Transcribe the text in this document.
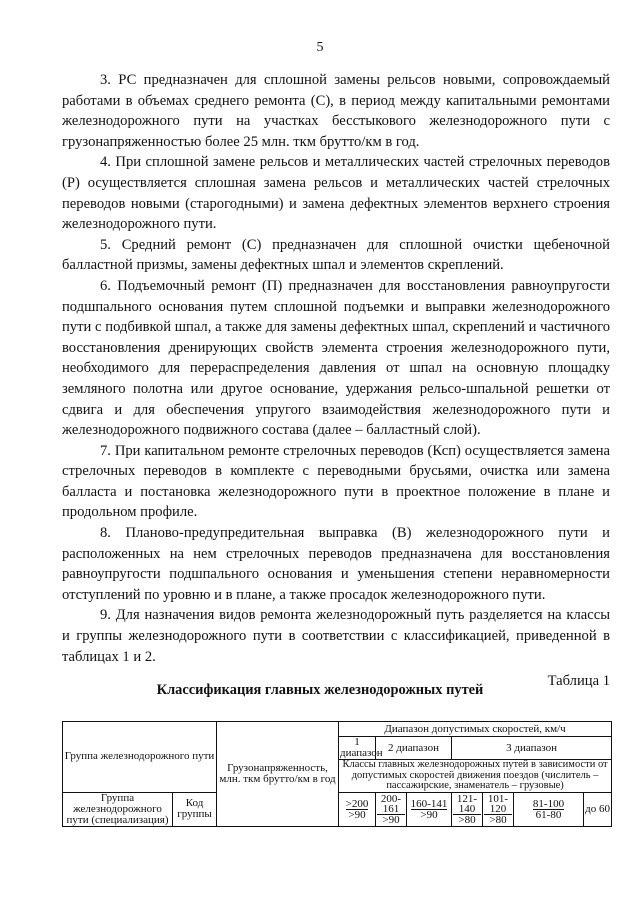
5

3. РС предназначен для сплошной замены рельсов новыми, сопровождаемый работами в объемах среднего ремонта (С), в период между капитальными ремонтами железнодорожного пути на участках бесстыкового железнодорожного пути с грузонапряженностью более 25 млн. ткм брутто/км в год.

4. При сплошной замене рельсов и металлических частей стрелочных переводов (Р) осуществляется сплошная замена рельсов и металлических частей стрелочных переводов новыми (старогодными) и замена дефектных элементов верхнего строения железнодорожного пути.

5. Средний ремонт (С) предназначен для сплошной очистки щебеночной балластной призмы, замены дефектных шпал и элементов скреплений.

6. Подъемочный ремонт (П) предназначен для восстановления равноупругости подшпального основания путем сплошной подъемки и выправки железнодорожного пути с подбивкой шпал, а также для замены дефектных шпал, скреплений и частичного восстановления дренирующих свойств элемента строения железнодорожного пути, необходимого для перераспределения давления от шпал на основную площадку земляного полотна или другое основание, удержания рельсо-шпальной решетки от сдвига и для обеспечения упругого взаимодействия железнодорожного пути и железнодорожного подвижного состава (далее – балластный слой).

7. При капитальном ремонте стрелочных переводов (Ксп) осуществляется замена стрелочных переводов в комплекте с переводными брусьями, очистка или замена балласта и постановка железнодорожного пути в проектное положение в плане и продольном профиле.

8. Планово-предупредительная выправка (В) железнодорожного пути и расположенных на нем стрелочных переводов предназначена для восстановления равноупругости подшпального основания и уменьшения степени неравномерности отступлений по уровню и в плане, а также просадок железнодорожного пути.

9. Для назначения видов ремонта железнодорожный путь разделяется на классы и группы железнодорожного пути в соответствии с классификацией, приведенной в таблицах 1 и 2.

Таблица 1
Классификация главных железнодорожных путей
Группа железнодорожного пути		Грузонапряженность, млн. ткм брутто/км в год	Диапазон допустимых скоростей, км/ч						
			1 диапазон	2 диапазон		3 диапазон			
			Классы главных железнодорожных путей в зависимости от допустимых скоростей движения поездов (числитель – пассажирские, знаменатель – грузовые)						
Группа железнодорожного пути (специализация)	Код группы		$\frac{>200}{>90}$	$\frac{200-161}{>90}$	$\frac{160-141}{>90}$	$\frac{121-140}{>80}$	$\frac{101-120}{>80}$	$\frac{81-100}{61-80}$	до 60
